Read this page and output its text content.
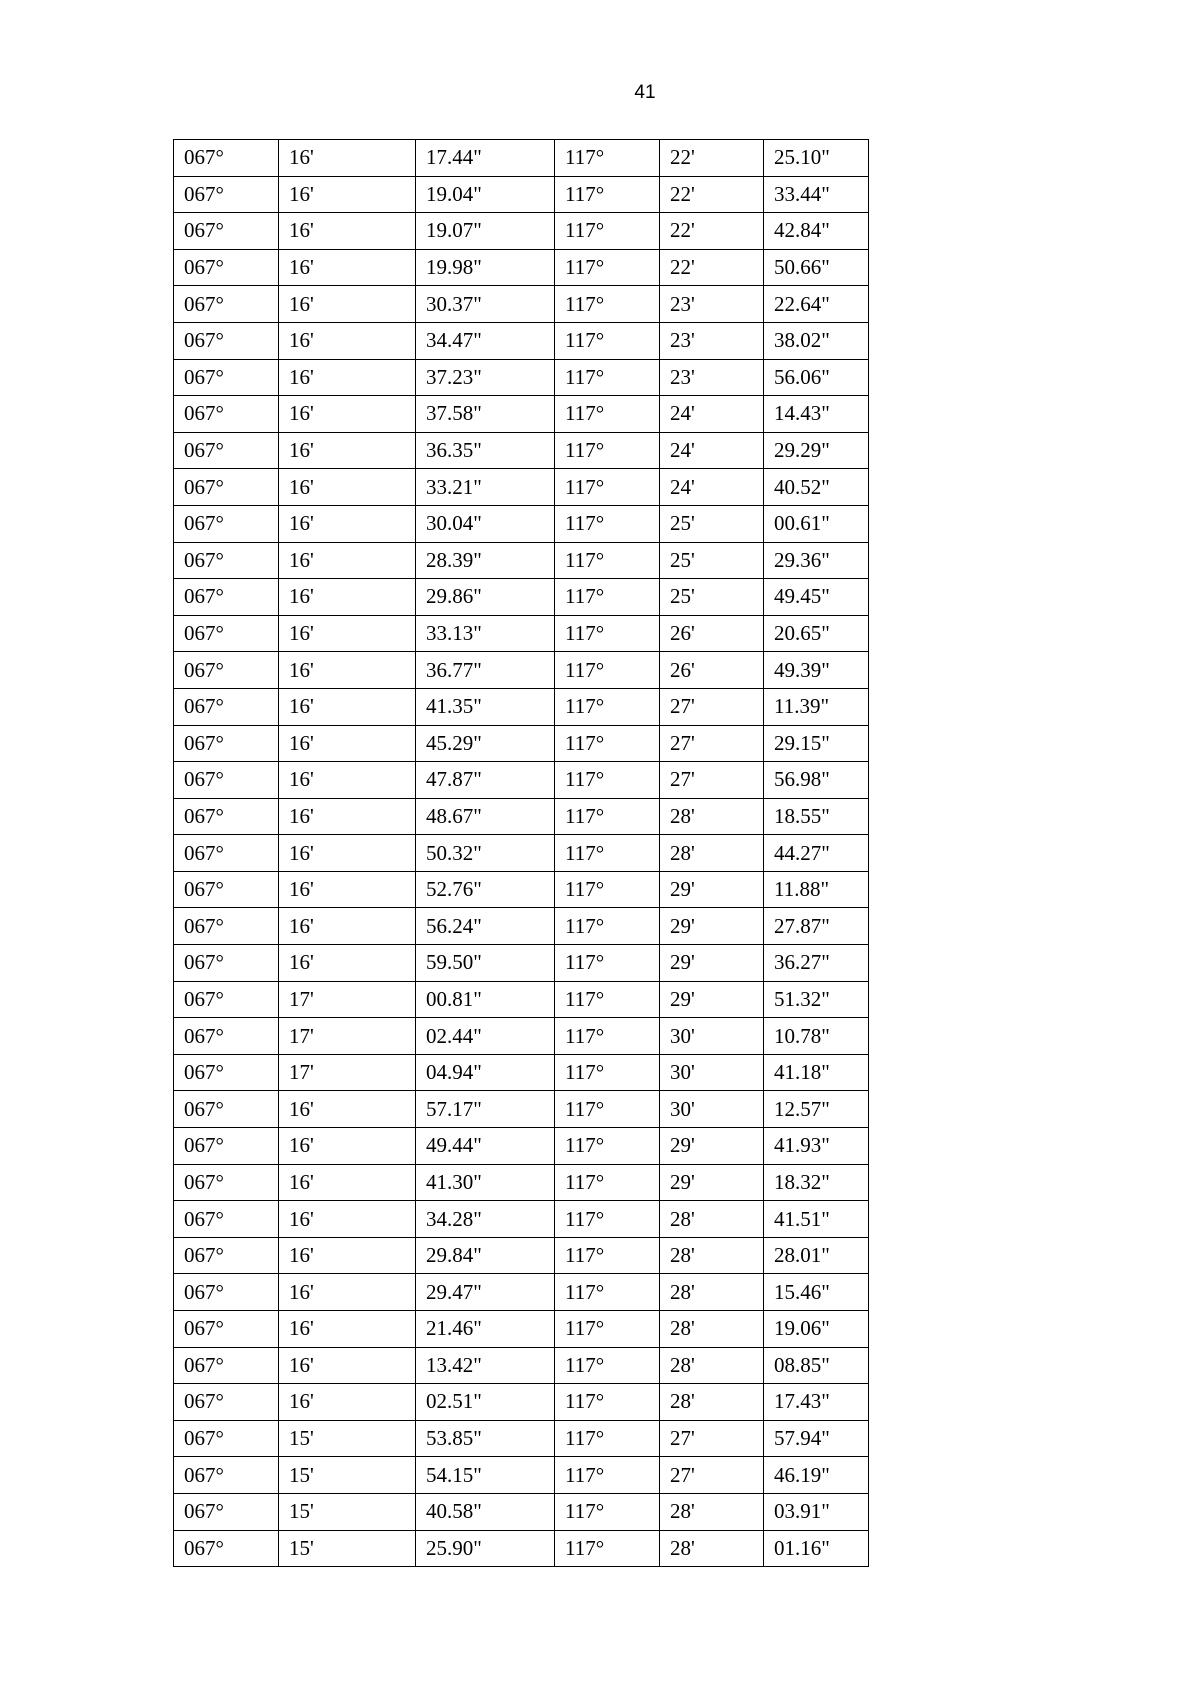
41
067°	16'	17.44"	117°	22'	25.10"
067°	16'	19.04"	117°	22'	33.44"
067°	16'	19.07"	117°	22'	42.84"
067°	16'	19.98"	117°	22'	50.66"
067°	16'	30.37"	117°	23'	22.64"
067°	16'	34.47"	117°	23'	38.02"
067°	16'	37.23"	117°	23'	56.06"
067°	16'	37.58"	117°	24'	14.43"
067°	16'	36.35"	117°	24'	29.29"
067°	16'	33.21"	117°	24'	40.52"
067°	16'	30.04"	117°	25'	00.61"
067°	16'	28.39"	117°	25'	29.36"
067°	16'	29.86"	117°	25'	49.45"
067°	16'	33.13"	117°	26'	20.65"
067°	16'	36.77"	117°	26'	49.39"
067°	16'	41.35"	117°	27'	11.39"
067°	16'	45.29"	117°	27'	29.15"
067°	16'	47.87"	117°	27'	56.98"
067°	16'	48.67"	117°	28'	18.55"
067°	16'	50.32"	117°	28'	44.27"
067°	16'	52.76"	117°	29'	11.88"
067°	16'	56.24"	117°	29'	27.87"
067°	16'	59.50"	117°	29'	36.27"
067°	17'	00.81"	117°	29'	51.32"
067°	17'	02.44"	117°	30'	10.78"
067°	17'	04.94"	117°	30'	41.18"
067°	16'	57.17"	117°	30'	12.57"
067°	16'	49.44"	117°	29'	41.93"
067°	16'	41.30"	117°	29'	18.32"
067°	16'	34.28"	117°	28'	41.51"
067°	16'	29.84"	117°	28'	28.01"
067°	16'	29.47"	117°	28'	15.46"
067°	16'	21.46"	117°	28'	19.06"
067°	16'	13.42"	117°	28'	08.85"
067°	16'	02.51"	117°	28'	17.43"
067°	15'	53.85"	117°	27'	57.94"
067°	15'	54.15"	117°	27'	46.19"
067°	15'	40.58"	117°	28'	03.91"
067°	15'	25.90"	117°	28'	01.16"
